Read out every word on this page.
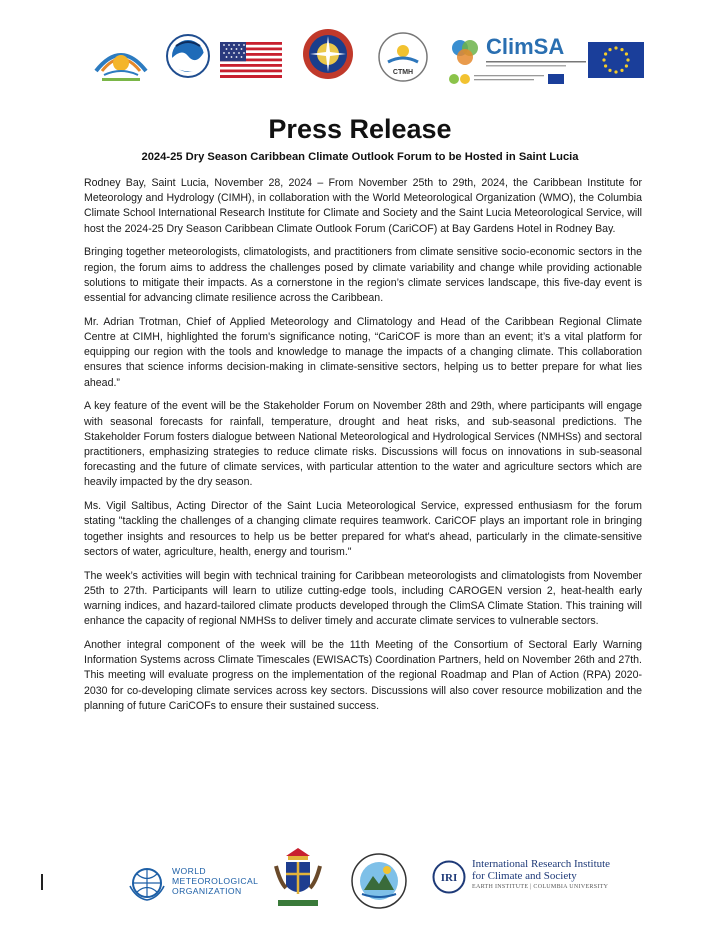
CTMH
ClimSA
Press Release
2024-25 Dry Season Caribbean Climate Outlook Forum to be Hosted in Saint Lucia

Rodney Bay, Saint Lucia, November 28, 2024 – From November 25th to 29th, 2024, the Caribbean Institute for Meteorology and Hydrology (CIMH), in collaboration with the World Meteorological Organization (WMO), the Columbia Climate School International Research Institute for Climate and Society and the Saint Lucia Meteorological Service, will host the 2024-25 Dry Season Caribbean Climate Outlook Forum (CariCOF) at Bay Gardens Hotel in Rodney Bay.

Bringing together meteorologists, climatologists, and practitioners from climate sensitive socio-economic sectors in the region, the forum aims to address the challenges posed by climate variability and change while providing actionable solutions to mitigate their impacts. As a cornerstone in the region’s climate services landscape, this five-day event is essential for advancing climate resilience across the Caribbean.

Mr. Adrian Trotman, Chief of Applied Meteorology and Climatology and Head of the Caribbean Regional Climate Centre at CIMH, highlighted the forum's significance noting, “CariCOF is more than an event; it’s a vital platform for equipping our region with the tools and knowledge to manage the impacts of a changing climate. This collaboration ensures that science informs decision-making in climate-sensitive sectors, helping us to better prepare for what lies ahead.”

A key feature of the event will be the Stakeholder Forum on November 28th and 29th, where participants will engage with seasonal forecasts for rainfall, temperature, drought and heat risks, and sub-seasonal predictions. The Stakeholder Forum fosters dialogue between National Meteorological and Hydrological Services (NMHSs) and sectoral practitioners, emphasizing strategies to reduce climate risks. Discussions will focus on innovations in sub-seasonal forecasting and the future of climate services, with particular attention to the water and agriculture sectors which are heavily impacted by the dry season.

Ms. Vigil Saltibus, Acting Director of the Saint Lucia Meteorological Service, expressed enthusiasm for the forum stating "tackling the challenges of a changing climate requires teamwork. CariCOF plays an important role in bringing together insights and resources to help us be better prepared for what's ahead, particularly in the climate-sensitive sectors of water, agriculture, health, energy and tourism."

The week’s activities will begin with technical training for Caribbean meteorologists and climatologists from November 25th to 27th. Participants will learn to utilize cutting-edge tools, including CAROGEN version 2, heat-health early warning indices, and hazard-tailored climate products developed through the ClimSA Climate Station. This training will enhance the capacity of regional NMHSs to deliver timely and accurate climate services to vulnerable sectors.

Another integral component of the week will be the 11th Meeting of the Consortium of Sectoral Early Warning Information Systems across Climate Timescales (EWISACTs) Coordination Partners, held on November 26th and 27th. This meeting will evaluate progress on the implementation of the regional Roadmap and Plan of Action (RPA) 2020-2030 for co-developing climate services across key sectors. Discussions will also cover resource mobilization and the planning of future CariCOFs to ensure their sustained success.

WORLD
METEOROLOGICAL
ORGANIZATION
IRI
International Research Institute
for Climate and Society
EARTH INSTITUTE | COLUMBIA UNIVERSITY
